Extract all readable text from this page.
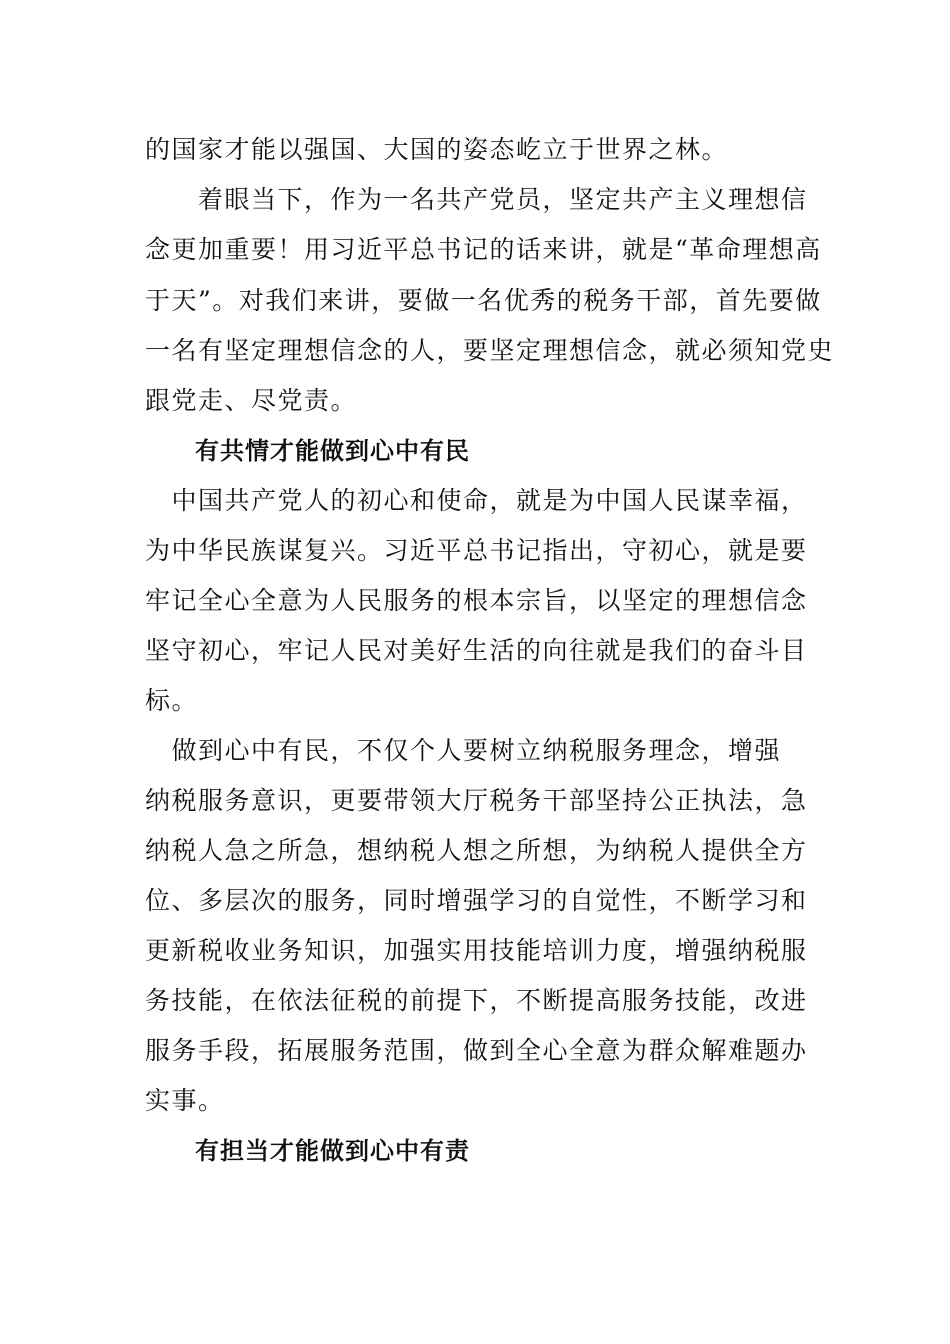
的国家才能以强国、大国的姿态屹立于世界之林。
　　着眼当下，作为一名共产党员，坚定共产主义理想信
念更加重要！用习近平总书记的话来讲，就是“革命理想高
于天”。对我们来讲，要做一名优秀的税务干部，首先要做
一名有坚定理想信念的人，要坚定理想信念，就必须知党史
跟党走、尽党责。
有共情才能做到心中有民
　中国共产党人的初心和使命，就是为中国人民谋幸福，
为中华民族谋复兴。习近平总书记指出，守初心，就是要
牢记全心全意为人民服务的根本宗旨，以坚定的理想信念
坚守初心，牢记人民对美好生活的向往就是我们的奋斗目
标。
　做到心中有民，不仅个人要树立纳税服务理念，增强
纳税服务意识，更要带领大厅税务干部坚持公正执法，急
纳税人急之所急，想纳税人想之所想，为纳税人提供全方
位、多层次的服务，同时增强学习的自觉性，不断学习和
更新税收业务知识，加强实用技能培训力度，增强纳税服
务技能，在依法征税的前提下，不断提高服务技能，改进
服务手段，拓展服务范围，做到全心全意为群众解难题办
实事。
有担当才能做到心中有责
